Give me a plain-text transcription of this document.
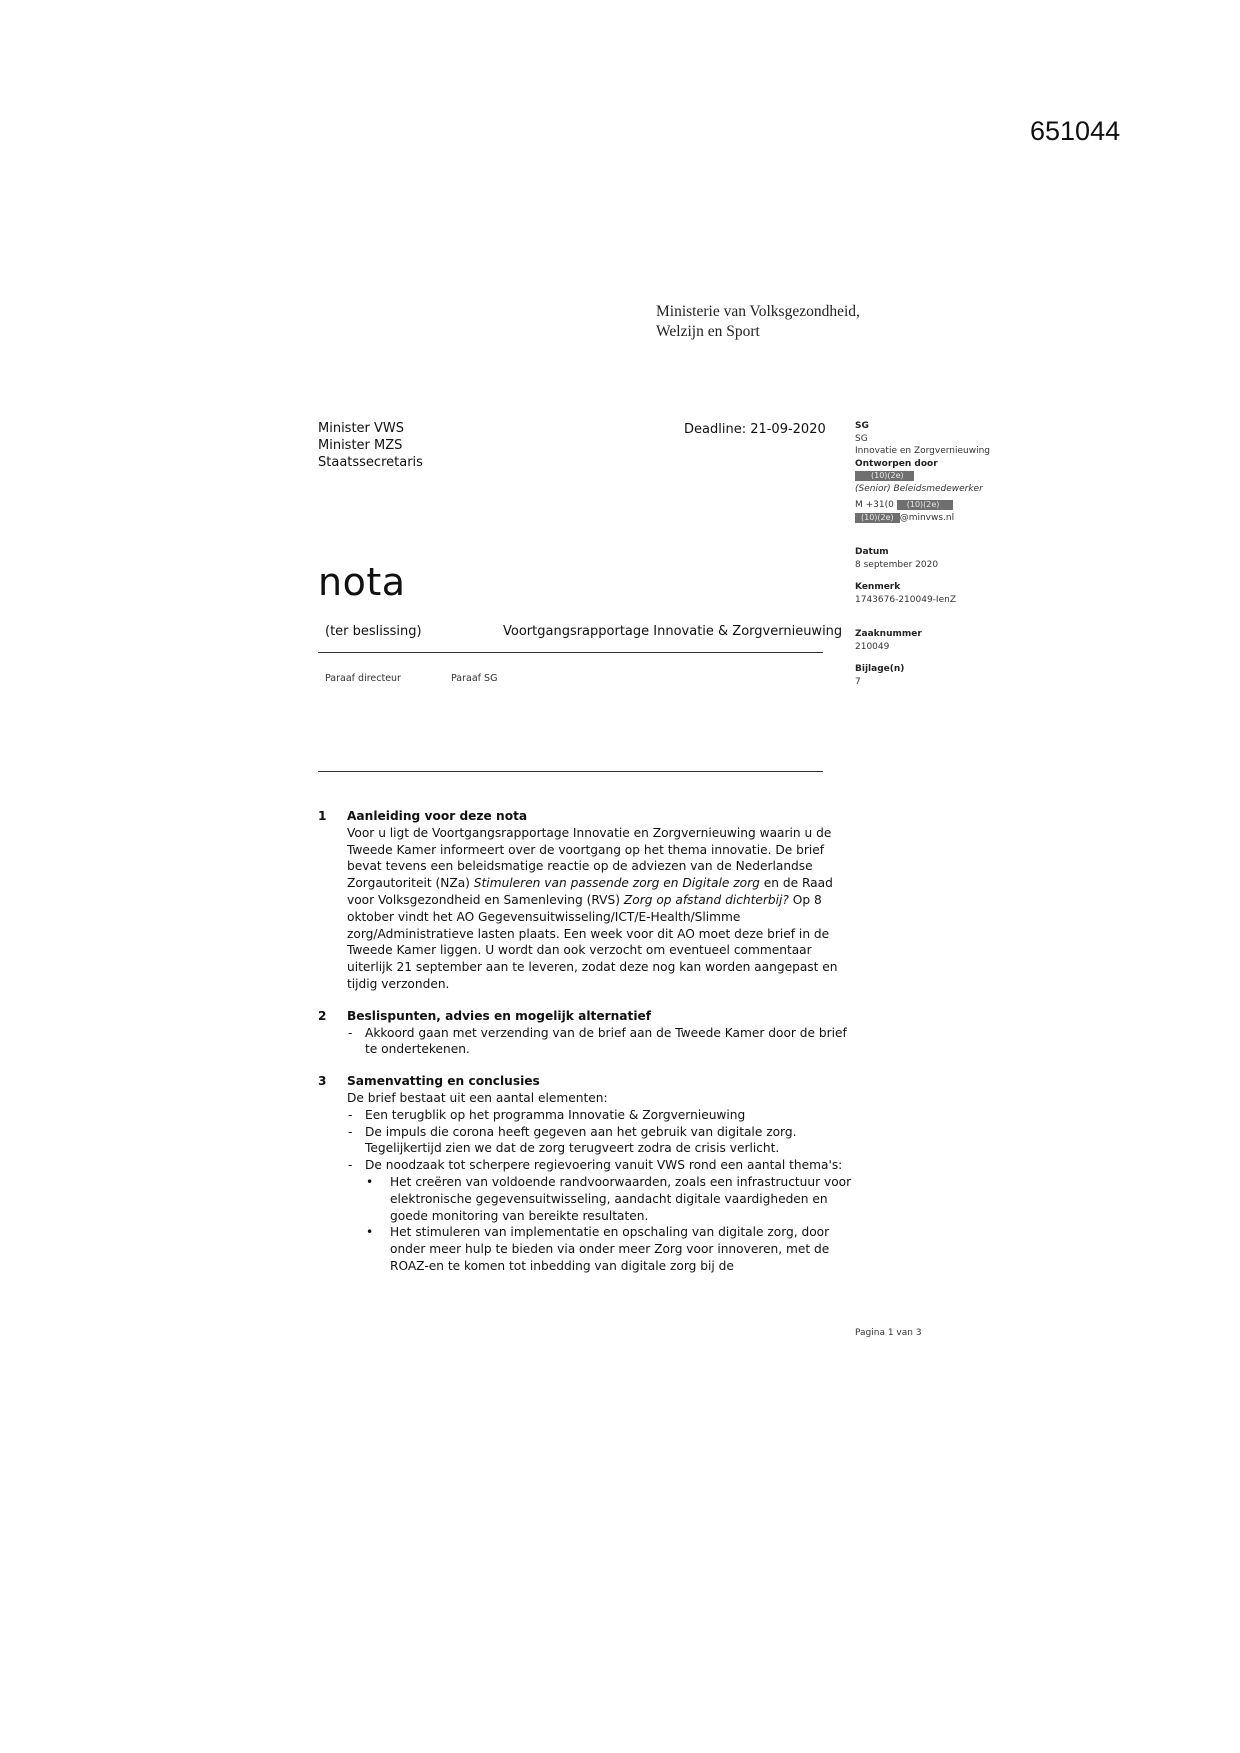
651044
Ministerie van Volksgezondheid,
Welzijn en Sport
Minister VWS
Minister MZS
Staatssecretaris
Deadline: 21-09-2020	SG
SG
Innovatie en Zorgvernieuwing
Ontworpen door
(10)(2e)
(Senior) Beleidsmedewerker
M +31(0 (10)(2e)
(10)(2e) @minvws.nl
Datum
8 september 2020
Kenmerk
1743676-210049-IenZ
Zaaknummer
210049
Bijlage(n)
7
nota
(ter beslissing)	Voortgangsrapportage Innovatie & Zorgvernieuwing
Paraaf directeur	Paraaf SG
1 Aanleiding voor deze nota

Voor u ligt de Voortgangsrapportage Innovatie en Zorgvernieuwing waarin u de Tweede Kamer informeert over de voortgang op het thema innovatie. De brief bevat tevens een beleidsmatige reactie op de adviezen van de Nederlandse Zorgautoriteit (NZa) Stimuleren van passende zorg en Digitale zorg en de Raad voor Volksgezondheid en Samenleving (RVS) Zorg op afstand dichterbij? Op 8 oktober vindt het AO Gegevensuitwisseling/ICT/E-Health/Slimme zorg/Administratieve lasten plaats. Een week voor dit AO moet deze brief in de Tweede Kamer liggen. U wordt dan ook verzocht om eventueel commentaar uiterlijk 21 september aan te leveren, zodat deze nog kan worden aangepast en tijdig verzonden.

2 Beslispunten, advies en mogelijk alternatief
- Akkoord gaan met verzending van de brief aan de Tweede Kamer door de brief te ondertekenen.
3 Samenvatting en conclusies

De brief bestaat uit een aantal elementen:

- Een terugblik op het programma Innovatie & Zorgvernieuwing
- De impuls die corona heeft gegeven aan het gebruik van digitale zorg. Tegelijkertijd zien we dat de zorg terugveert zodra de crisis verlicht.
- De noodzaak tot scherpere regievoering vanuit VWS rond een aantal thema's:
• Het creëren van voldoende randvoorwaarden, zoals een infrastructuur voor elektronische gegevensuitwisseling, aandacht digitale vaardigheden en goede monitoring van bereikte resultaten.
• Het stimuleren van implementatie en opschaling van digitale zorg, door onder meer hulp te bieden via onder meer Zorg voor innoveren, met de ROAZ-en te komen tot inbedding van digitale zorg bij de
Pagina 1 van 3
